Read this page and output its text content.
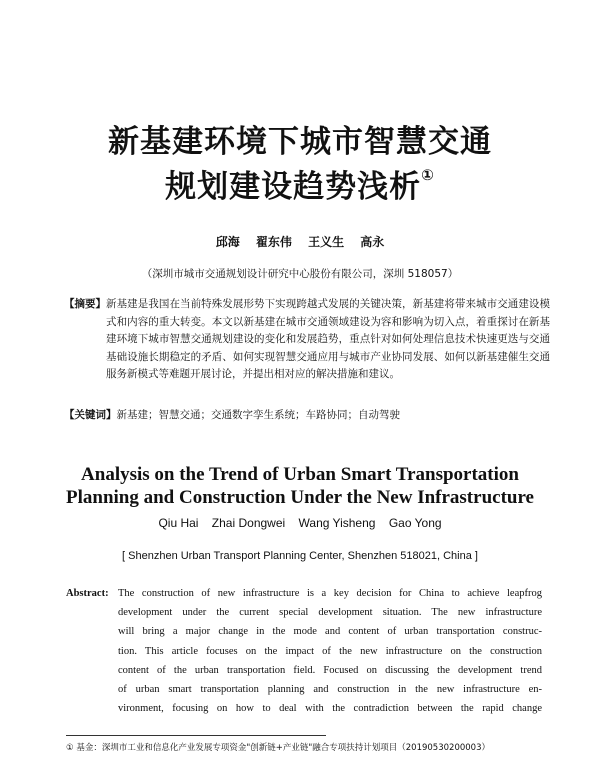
新基建环境下城市智慧交通
规划建设趋势浅析①
邱海 翟东伟 王义生 高永
（深圳市城市交通规划设计研究中心股份有限公司，深圳 518057）
【摘要】 新基建是我国在当前特殊发展形势下实现跨越式发展的关键决策，新基建将带来城市交通建设模式和内容的重大转变。本文以新基建在城市交通领域建设为容和影响为切入点，着重探讨在新基建环境下城市智慧交通规划建设的变化和发展趋势，重点针对如何处理信息技术快速更迭与交通基础设施长期稳定的矛盾、如何实现智慧交通应用与城市产业协同发展、如何以新基建催生交通服务新模式等难题开展讨论，并提出相对应的解决措施和建议。
【关键词】新基建；智慧交通；交通数字孪生系统；车路协同；自动驾驶
Analysis on the Trend of Urban Smart Transportation
Planning and Construction Under the New Infrastructure
Qiu Hai Zhai Dongwei Wang Yisheng Gao Yong
[ Shenzhen Urban Transport Planning Center, Shenzhen 518021, China ]
Abstract: The construction of new infrastructure is a key decision for China to achieve leapfrog
development under the current special development situation. The new infrastructure
will bring a major change in the mode and content of urban transportation construc-
tion. This article focuses on the impact of the new infrastructure on the construction
content of the urban transportation field. Focused on discussing the development trend
of urban smart transportation planning and construction in the new infrastructure en-
vironment, focusing on how to deal with the contradiction between the rapid change
① 基金：深圳市工业和信息化产业发展专项资金"创新链+产业链"融合专项扶持计划项目（20190530200003）
